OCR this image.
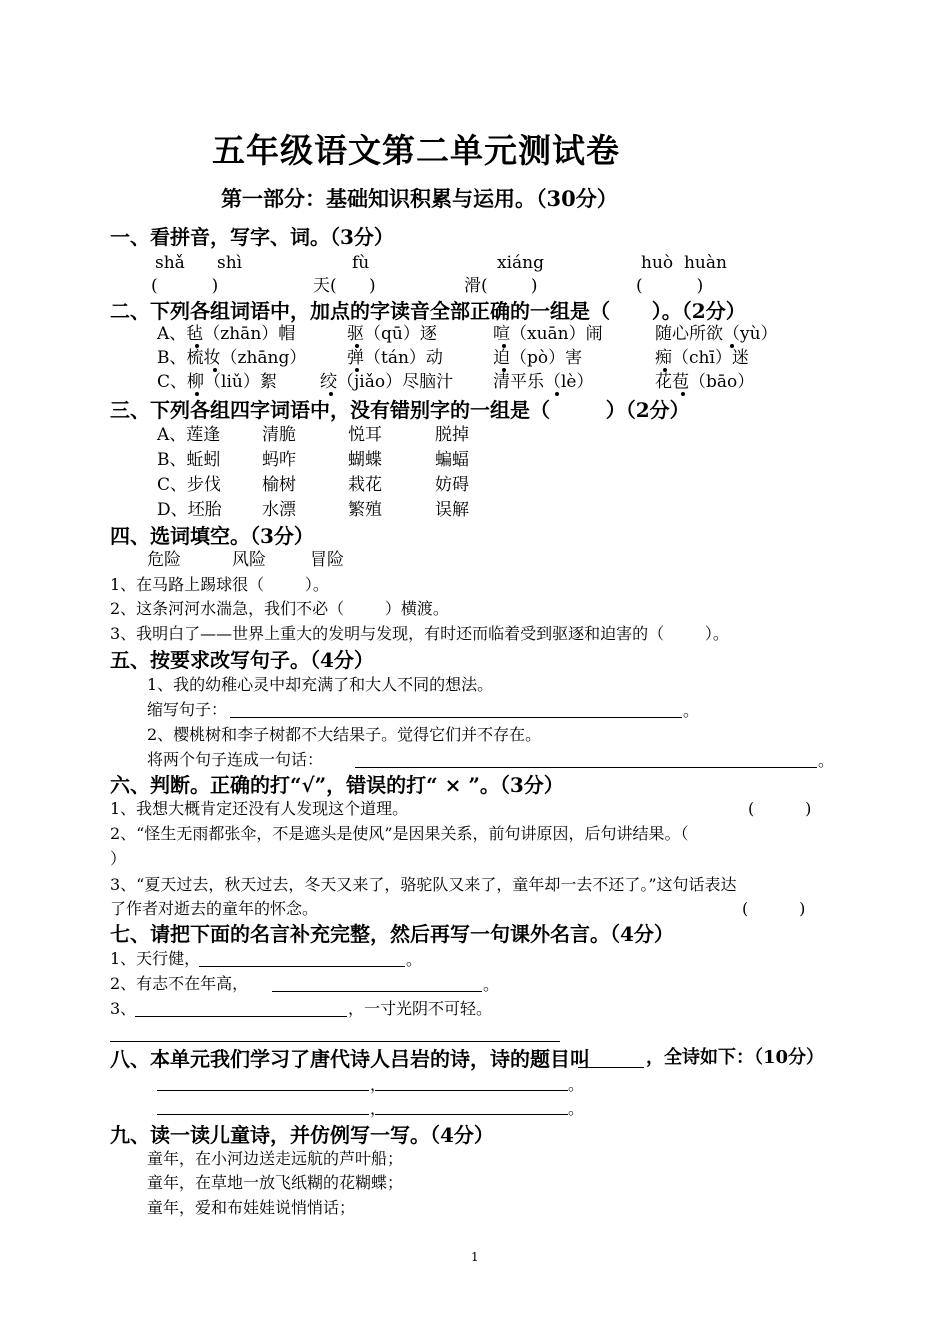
五年级语文第二单元测试卷
第一部分：基础知识积累与运用。（30分）
一、看拼音，写字、词。（3分）
shǎ shì	fù	xiáng	huò  huàn
(          )	天(      )	滑(        )	(          )
二、下列各组词语中，加点的字读音全部正确的一组是（      ）。（2分）
A、毡（zhān）帽	驱（qū）逐	喧（xuān）闹	随心所欲（yù）
B、梳妆（zhāng） 弹（tán）动	迫（pò）害	痴（chī）迷
C、柳（liǔ）絮	绞（jiǎo）尽脑汁 清平乐（lè）	花苞（bāo）
三、下列各组四字词语中，没有错别字的一组是（        ）（2分）
A、莲逢 清脆	悦耳	脱掉
B、蚯蚓 蚂咋	蝴蝶	蝙蝠
C、步伐 榆树	栽花	妨碍
D、坯胎 水漂	繁殖	误解
四、选词填空。（3分）
危险	风险	冒险
1、在马路上踢球很（        ）。
2、这条河河水湍急，我们不必（        ）横渡。
3、我明白了——世界上重大的发明与发现，有时还而临着受到驱逐和迫害的（        ）。
五、按要求改写句子。（4分）
1、我的幼稚心灵中却充满了和大人不同的想法。
缩写句子：	。
2、樱桃树和李子树都不大结果子。觉得它们并不存在。
将两个句子连成一句话：	。
六、判断。正确的打“√”，错误的打“ × ”。（3分）
1、我想大概肯定还没有人发现这个道理。	(          )
2、“怪生无雨都张伞，不是遮头是使风”是因果关系，前句讲原因，后句讲结果。（
）
3、“夏天过去，秋天过去，冬天又来了，骆驼队又来了，童年却一去不还了。”这句话表达
了作者对逝去的童年的怀念。	(          )
七、请把下面的名言补充完整，然后再写一句课外名言。（4分）
1、天行健，	。
2、有志不在年高，	。
3、	，一寸光阴不可轻。
八、本单元我们学习了唐代诗人吕岩的诗，诗的题目叫	，全诗如下：（10分）
，	。
，	。
九、读一读儿童诗，并仿例写一写。（4分）
童年，在小河边送走远航的芦叶船；
童年，在草地一放飞纸糊的花糊蝶；
童年，爱和布娃娃说悄悄话；
1
